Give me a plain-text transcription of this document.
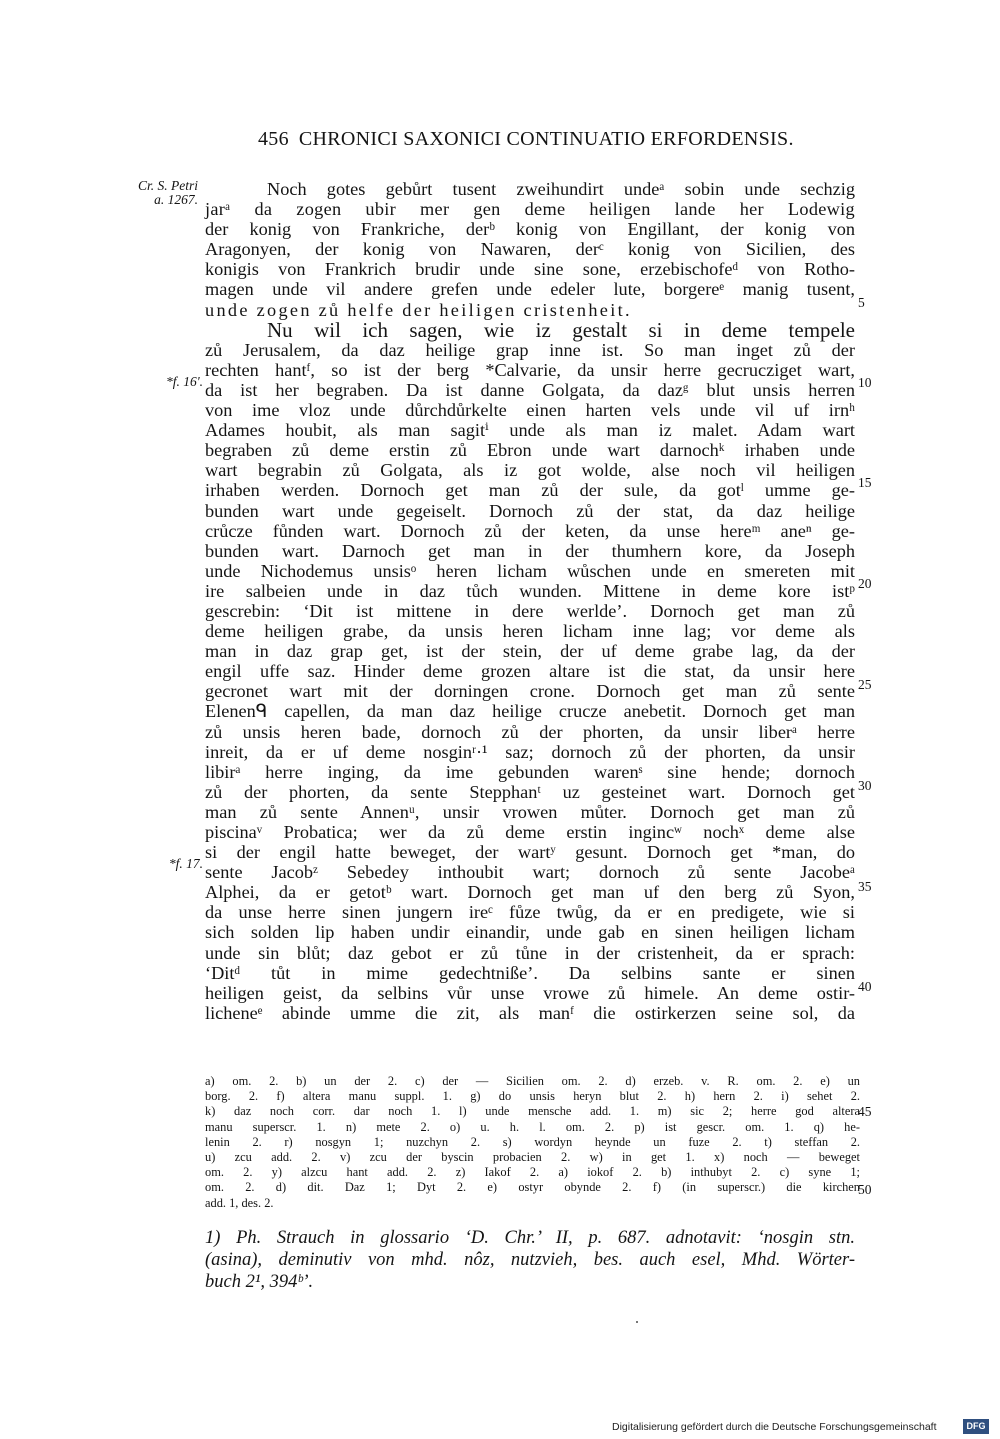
456 CHRONICI SAXONICI CONTINUATIO ERFORDENSIS.
Cr. S. Petri
a. 1267.
*f. 16'.
*f. 17.
Noch gotes gebůrt tusent zweihundirt undeᵃ sobin unde sechzig
jarᵃ da zogen ubir mer gen deme heiligen lande her Lodewig
der konig von Frankriche, derᵇ konig von Engillant, der konig von
Aragonyen, der konig von Nawaren, derᶜ konig von Sicilien, des
konigis von Frankrich brudir unde sine sone, erzebischofeᵈ von Rotho-
magen unde vil andere grefen unde edeler lute, borgereᵉ manig tusent,
unde zogen zů helfe der heiligen cristenheit.
Nu wil ich sagen, wie iz gestalt si in deme tempele
zů Jerusalem, da daz heilige grap inne ist. So man inget zů der
rechten hantᶠ, so ist der berg *Calvarie, da unsir herre gecrucziget wart,
da ist her begraben. Da ist danne Golgata, da dazᵍ blut unsis herren
von ime vloz unde důrchdůrkelte einen harten vels unde vil uf irnʰ
Adames houbit, als man sagitⁱ unde als man iz malet. Adam wart
begraben zů deme erstin zů Ebron unde wart darnochᵏ irhaben unde
wart begrabin zů Golgata, als iz got wolde, alse noch vil heiligen
irhaben werden. Dornoch get man zů der sule, da gotˡ umme ge-
bunden wart unde gegeiselt. Dornoch zů der stat, da daz heilige
crůcze fůnden wart. Dornoch zů der keten, da unse hereᵐ aneⁿ ge-
bunden wart. Darnoch get man in der thumhern kore, da Joseph
unde Nichodemus unsisᵒ heren licham wůschen unde en smereten mit
ire salbeien unde in daz tůch wunden. Mittene in deme kore istᵖ
gescrebin: ‘Dit ist mittene in dere werlde’. Dornoch get man zů
deme heiligen grabe, da unsis heren licham inne lag; vor deme als
man in daz grap get, ist der stein, der uf deme grabe lag, da der
engil uffe saz. Hinder deme grozen altare ist die stat, da unsir here
gecronet wart mit der dorningen crone. Dornoch get man zů sente
Elenenᑫ capellen, da man daz heilige crucze anebetit. Dornoch get man
zů unsis heren bade, dornoch zů der phorten, da unsir liberᵃ herre
inreit, da er uf deme nosginʳ·¹ saz; dornoch zů der phorten, da unsir
libirᵃ herre inging, da ime gebunden warenˢ sine hende; dornoch
zů der phorten, da sente Stepphanᵗ uz gesteinet wart. Dornoch get
man zů sente Annenᵘ, unsir vrowen můter. Dornoch get man zů
piscinaᵛ Probatica; wer da zů deme erstin ingincʷ nochˣ deme alse
si der engil hatte beweget, der wartʸ gesunt. Dornoch get *man, do
sente Jacobᶻ Sebedey inthoubit wart; dornoch zů sente Jacobeᵃ
Alphei, da er getotᵇ wart. Dornoch get man uf den berg zů Syon,
da unse herre sinen jungern ireᶜ fůze twůg, da er en predigete, wie si
sich solden lip haben undir einandir, unde gab en sinen heiligen licham
unde sin blůt; daz gebot er zů tůne in der cristenheit, da er sprach:
‘Ditᵈ tůt in mime gedechtniße’. Da selbins sante er sinen
heiligen geist, da selbins vůr unse vrowe zů himele. An deme ostir-
licheneᵉ abinde umme die zit, als manᶠ die ostirkerzen seine sol, da
5
10
15
20
25
30
35
40
45
50
a) om. 2. b) un der 2. c) der — Sicilien om. 2. d) erzeb. v. R. om. 2. e) un
borg. 2. f) altera manu suppl. 1. g) do unsis heryn blut 2. h) hern 2. i) sehet 2.
k) daz noch corr. dar noch 1. l) unde mensche add. 1. m) sic 2; herre god altera
manu superscr. 1. n) mete 2. o) u. h. l. om. 2. p) ist gescr. om. 1. q) he-
lenin 2. r) nosgyn 1; nuzchyn 2. s) wordyn heynde un fuze 2. t) steffan 2.
u) zcu add. 2. v) zcu der byscin probacien 2. w) in get 1. x) noch — beweget
om. 2. y) alzcu hant add. 2. z) Iakof 2. a) iokof 2. b) inthubyt 2. c) syne 1;
om. 2. d) dit. Daz 1; Dyt 2. e) ostyr obynde 2. f) (in superscr.) die kirchen
add. 1, des. 2.
1) Ph. Strauch in glossario ‘D. Chr.’ II, p. 687. adnotavit: ‘nosgin stn.
(asina), deminutiv von mhd. nôz, nutzvieh, bes. auch esel, Mhd. Wörter-
buch 2¹, 394ᵇ’.
Digitalisierung gefördert durch die Deutsche Forschungsgemeinschaft	DFG
